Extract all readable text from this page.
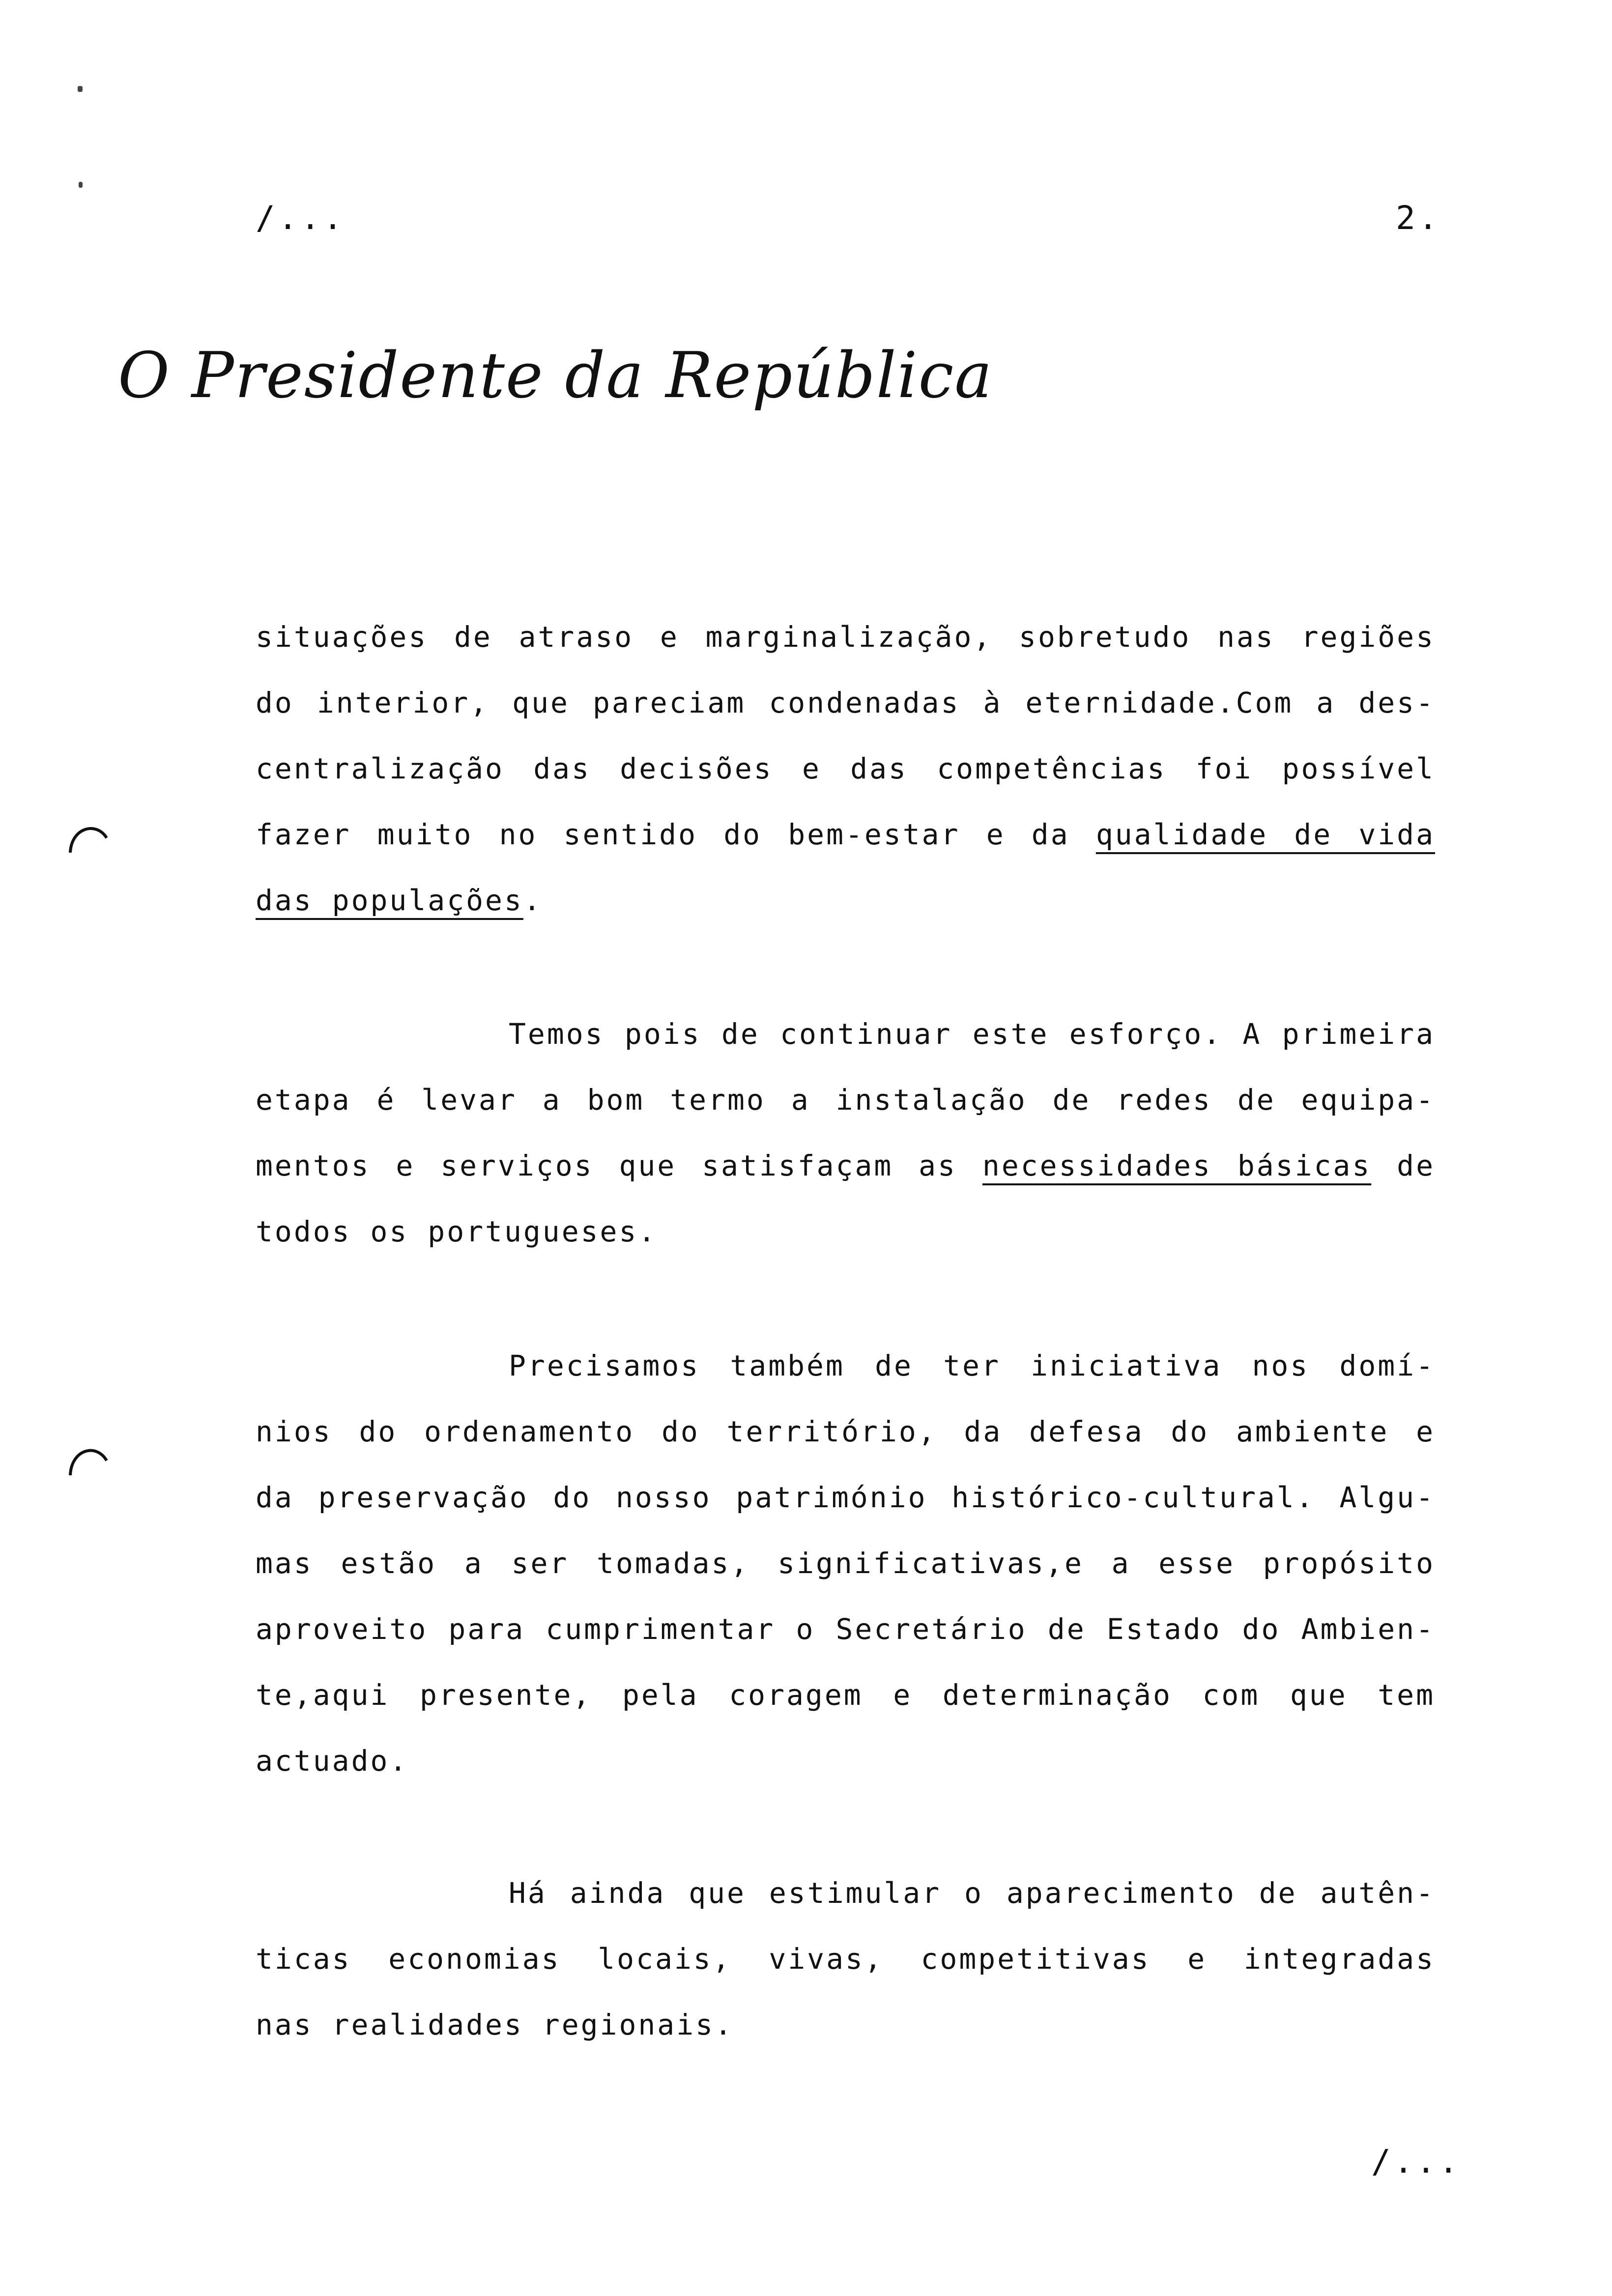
/...	2.
O Presidente da República
situações de atraso e marginalização, sobretudo nas regiões
do interior, que pareciam condenadas à eternidade.Com a des-
centralização das decisões e das competências foi possível
fazer muito no sentido do bem-estar e da qualidade de vida
das populações.
Temos pois de continuar este esforço. A primeira
etapa é levar a bom termo a instalação de redes de equipa-
mentos e serviços que satisfaçam as necessidades básicas de
todos os portugueses.
Precisamos também de ter iniciativa nos domí-
nios do ordenamento do território, da defesa do ambiente e
da preservação do nosso património histórico-cultural. Algu-
mas estão a ser tomadas, significativas,e a esse propósito
aproveito para cumprimentar o Secretário de Estado do Ambien-
te,aqui presente, pela coragem e determinação com que tem
actuado.
Há ainda que estimular o aparecimento de autên-
ticas economias locais, vivas, competitivas e integradas
nas realidades regionais.
/...
